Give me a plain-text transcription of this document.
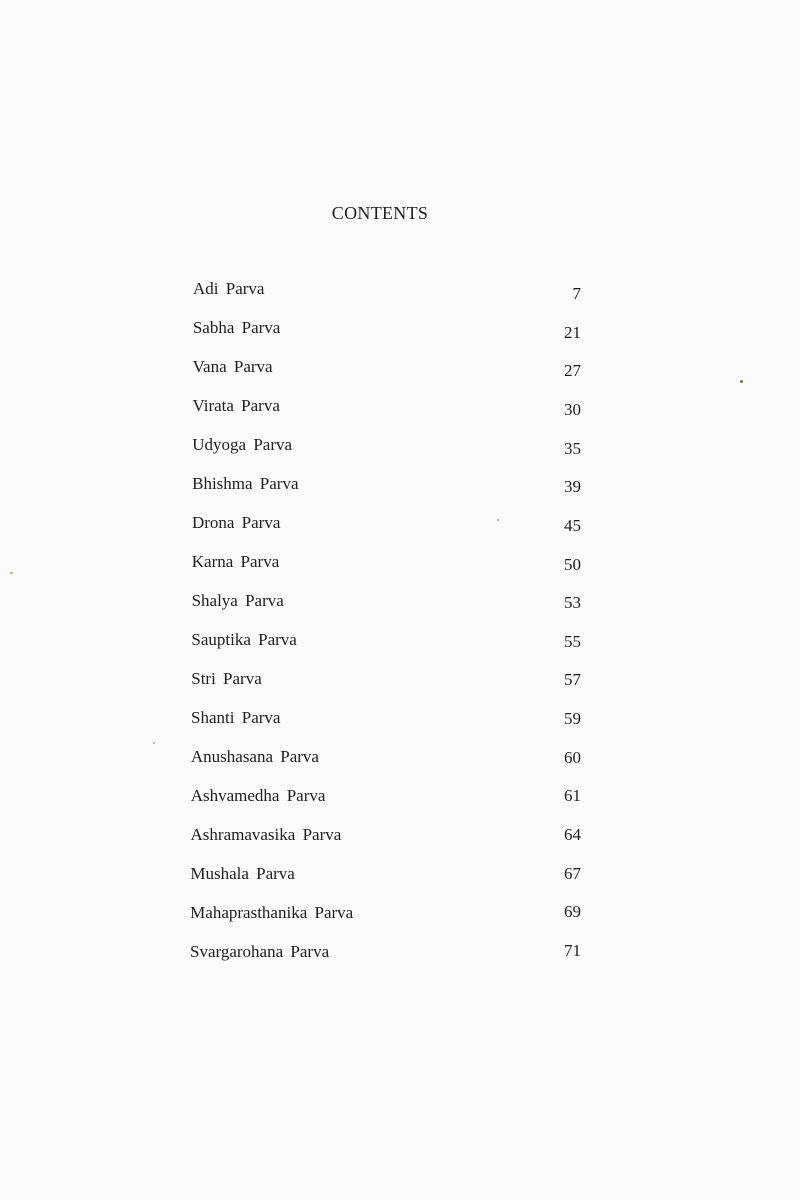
CONTENTS
Adi Parva	7
Sabha Parva	21
Vana Parva	27
Virata Parva	30
Udyoga Parva	35
Bhishma Parva	39
Drona Parva	45
Karna Parva	50
Shalya Parva	53
Sauptika Parva	55
Stri Parva	57
Shanti Parva	59
Anushasana Parva	60
Ashvamedha Parva	61
Ashramavasika Parva	64
Mushala Parva	67
Mahaprasthanika Parva	69
Svargarohana Parva	71
